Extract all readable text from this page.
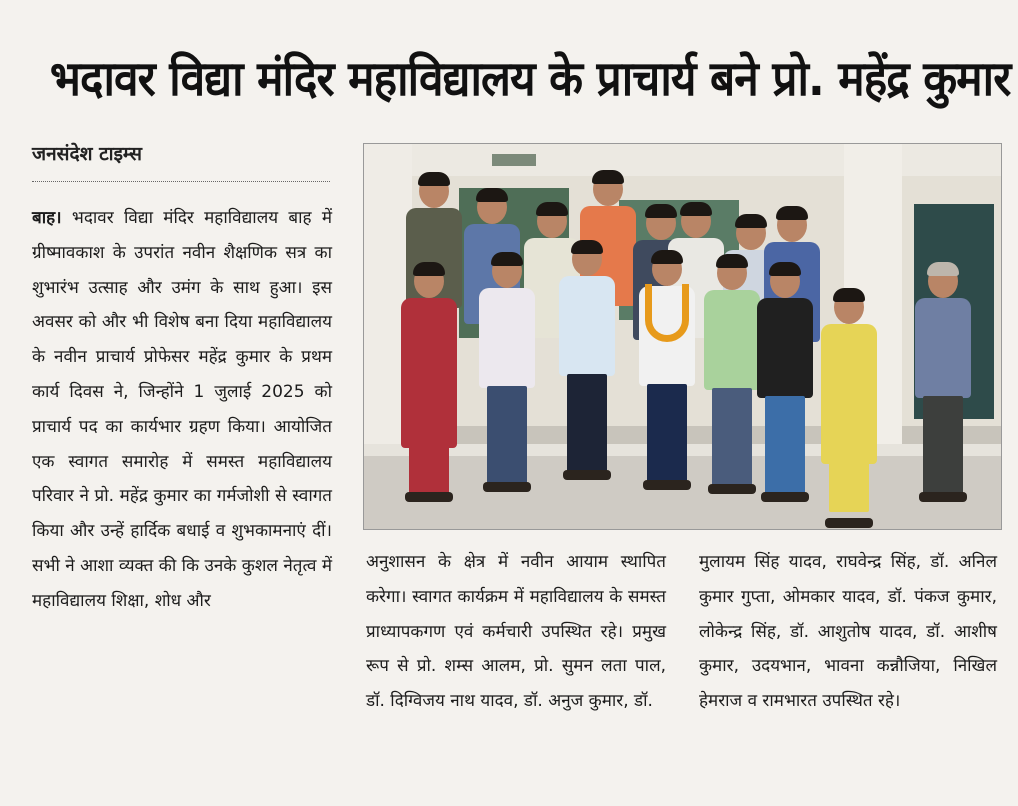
भदावर विद्या मंदिर महाविद्यालय के प्राचार्य बने प्रो. महेंद्र कुमार
जनसंदेश टाइम्स
बाह। भदावर विद्या मंदिर महाविद्यालय बाह में ग्रीष्मावकाश के उपरांत नवीन शैक्षणिक सत्र का शुभारंभ उत्साह और उमंग के साथ हुआ। इस अवसर को और भी विशेष बना दिया महाविद्यालय के नवीन प्राचार्य प्रोफेसर महेंद्र कुमार के प्रथम कार्य दिवस ने, जिन्होंने 1 जुलाई 2025 को प्राचार्य पद का कार्यभार ग्रहण किया। आयोजित एक स्वागत समारोह में समस्त महाविद्यालय परिवार ने प्रो. महेंद्र कुमार का गर्मजोशी से स्वागत किया और उन्हें हार्दिक बधाई व शुभकामनाएं दीं। सभी ने आशा व्यक्त की कि उनके कुशल नेतृत्व में महाविद्यालय शिक्षा, शोध और
अनुशासन के क्षेत्र में नवीन आयाम स्थापित करेगा। स्वागत कार्यक्रम में महाविद्यालय के समस्त प्राध्यापकगण एवं कर्मचारी उपस्थित रहे। प्रमुख रूप से प्रो. शम्स आलम, प्रो. सुमन लता पाल, डॉ. दिग्विजय नाथ यादव, डॉ. अनुज कुमार, डॉ.
मुलायम सिंह यादव, राघवेन्द्र सिंह, डॉ. अनिल कुमार गुप्ता, ओमकार यादव, डॉ. पंकज कुमार, लोकेन्द्र सिंह, डॉ. आशुतोष यादव, डॉ. आशीष कुमार, उदयभान, भावना कन्नौजिया, निखिल हेमराज व रामभारत उपस्थित रहे।
